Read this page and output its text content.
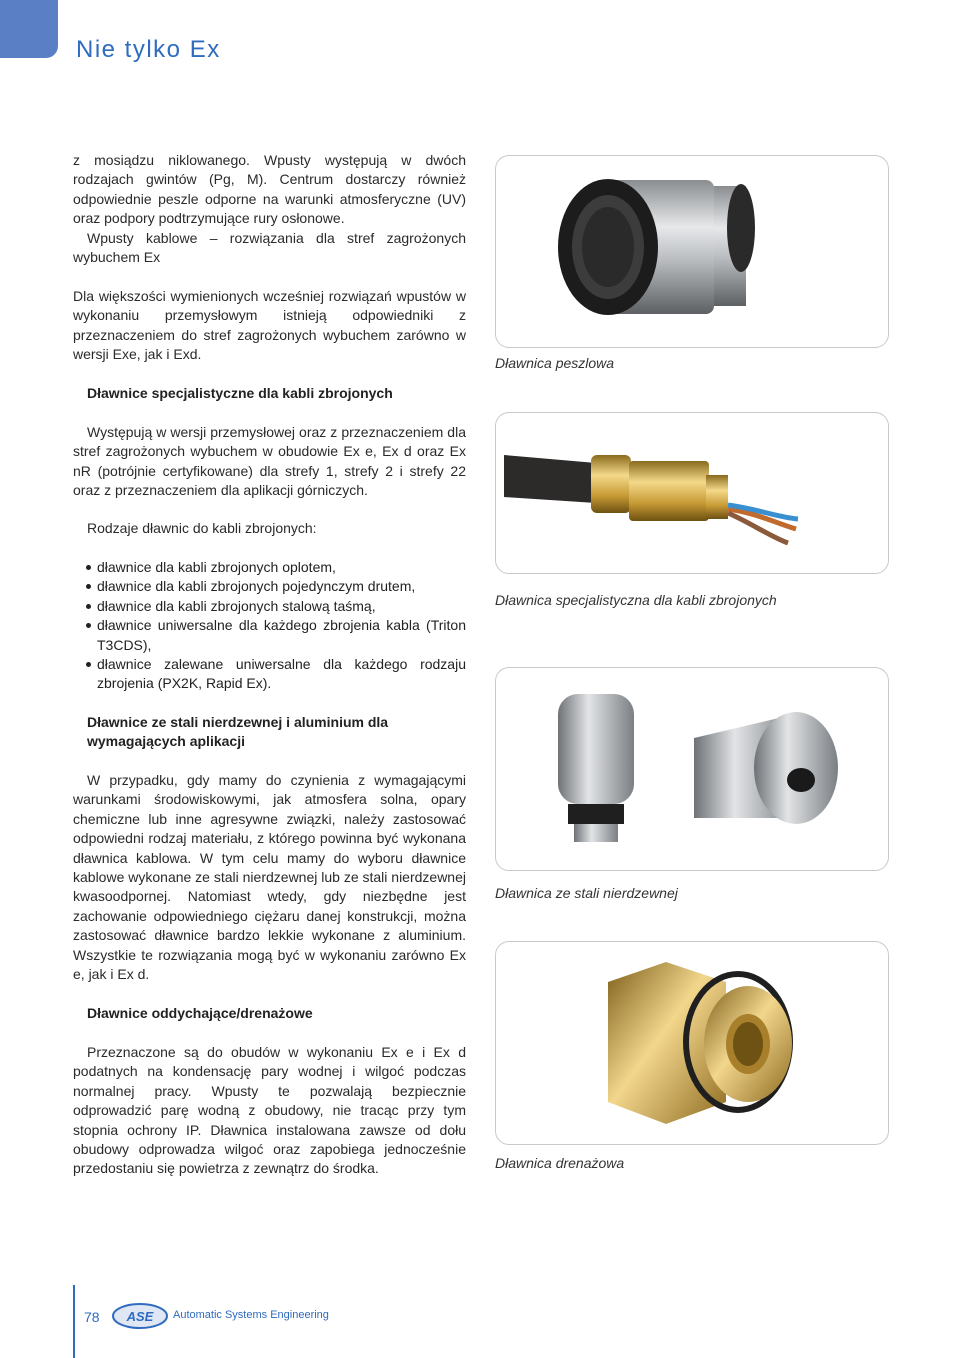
Nie tylko Ex

z mosiądzu niklowanego. Wpusty występują w dwóch rodzajach gwintów (Pg, M). Centrum dostarczy również odpowiednie peszle odporne na warunki atmosferyczne (UV) oraz podpory podtrzymujące rury osłonowe.

Wpusty kablowe – rozwiązania dla stref zagrożonych wybuchem Ex

Dla większości wymienionych wcześniej rozwiązań wpustów w wykonaniu przemysłowym istnieją odpowiedniki z przeznaczeniem do stref zagrożonych wybuchem zarówno w wersji Exe, jak i Exd.

Dławnice specjalistyczne dla kabli zbrojonych

Występują w wersji przemysłowej oraz z przeznaczeniem dla stref zagrożonych wybuchem w obudowie Ex e, Ex d oraz Ex nR (potrójnie certyfikowane) dla strefy 1, strefy 2 i strefy 22 oraz z przeznaczeniem dla aplikacji górniczych.

Rodzaje dławnic do kabli zbrojonych:

dławnice dla kabli zbrojonych oplotem,
dławnice dla kabli zbrojonych pojedynczym drutem,
dławnice dla kabli zbrojonych stalową taśmą,
dławnice uniwersalne dla każdego zbrojenia kabla (Triton T3CDS),
dławnice zalewane uniwersalne dla każdego rodzaju zbrojenia (PX2K, Rapid Ex).
Dławnice ze stali nierdzewnej i aluminium dla wymagających aplikacji

W przypadku, gdy mamy do czynienia z wymagającymi warunkami środowiskowymi, jak atmosfera solna, opary chemiczne lub inne agresywne związki, należy zastosować odpowiedni rodzaj materiału, z którego powinna być wykonana dławnica kablowa. W tym celu mamy do wyboru dławnice kablowe wykonane ze stali nierdzewnej lub ze stali nierdzewnej kwasoodpornej. Natomiast wtedy, gdy niezbędne jest zachowanie odpowiedniego ciężaru danej konstrukcji, można zastosować dławnice bardzo lekkie wykonane z aluminium. Wszystkie te rozwiązania mogą być w wykonaniu zarówno Ex e, jak i Ex d.

Dławnice oddychające/drenażowe

Przeznaczone są do obudów w wykonaniu Ex e i Ex d podatnych na kondensację pary wodnej i wilgoć podczas normalnej pracy. Wpusty te pozwalają bezpiecznie odprowadzić parę wodną z obudowy, nie tracąc przy tym stopnia ochrony IP. Dławnica instalowana zawsze od dołu obudowy odprowadza wilgoć oraz zapobiega jednocześnie przedostaniu się powietrza z zewnątrz do środka.

Dławnica peszlowa
Dławnica specjalistyczna dla kabli zbrojonych
Dławnica ze stali nierdzewnej
Dławnica drenażowa
78 ASE Automatic Systems Engineering
